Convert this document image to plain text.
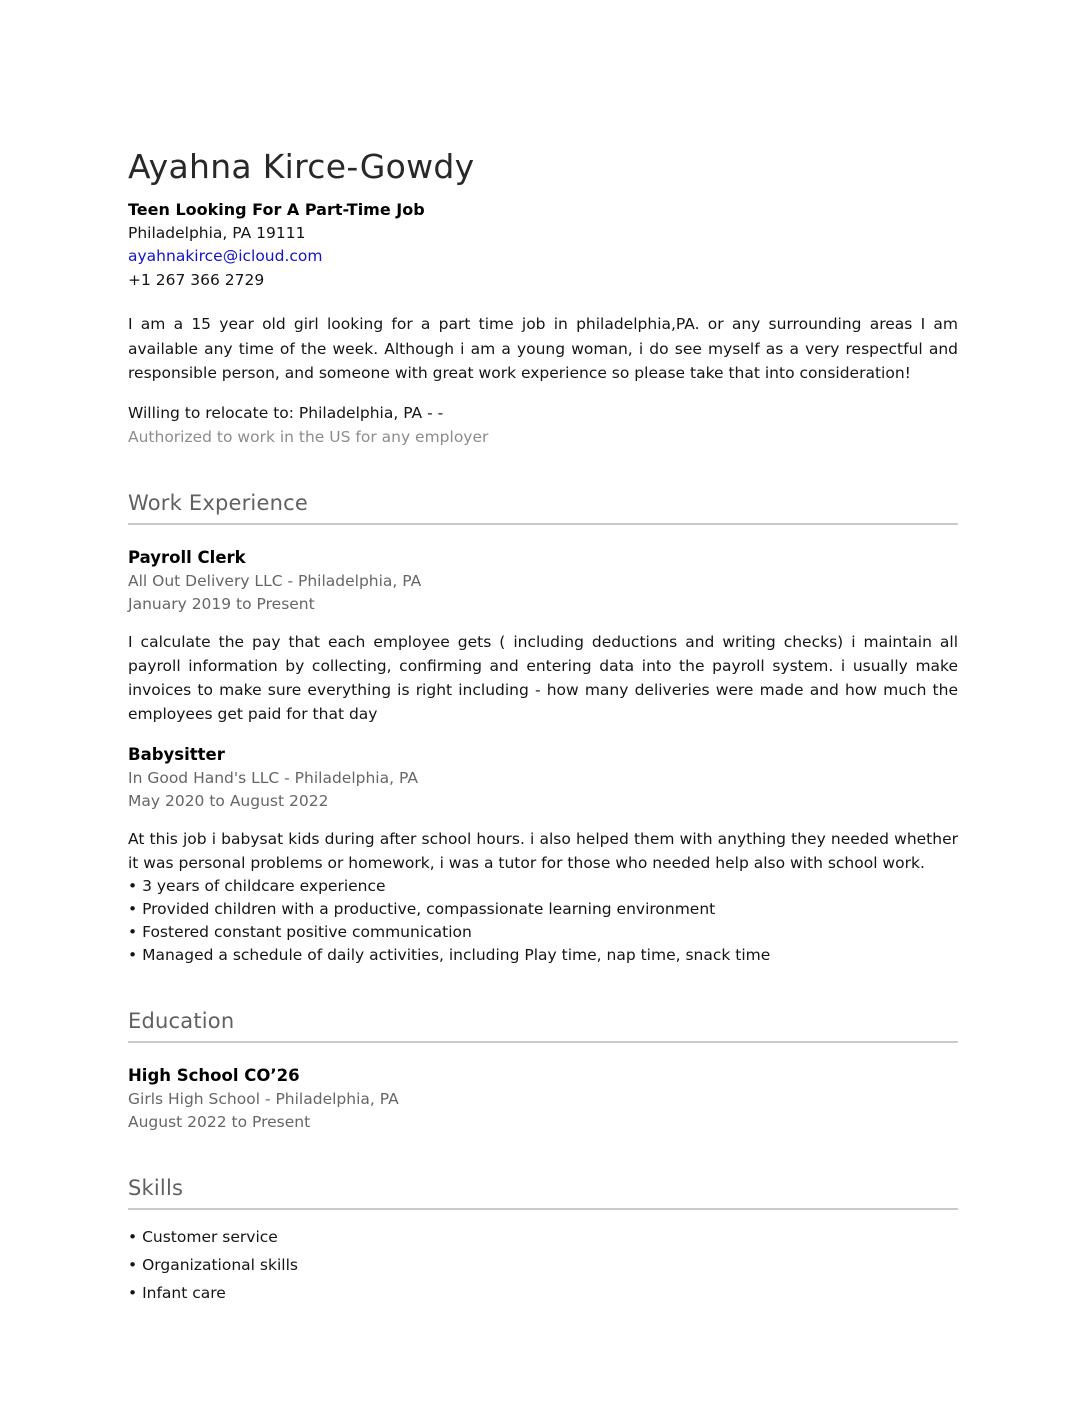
Ayahna Kirce-Gowdy
Teen Looking For A Part-Time Job
Philadelphia, PA 19111
ayahnakirce@icloud.com
+1 267 366 2729

I am a 15 year old girl looking for a part time job in philadelphia,PA. or any surrounding areas I am available any time of the week. Although i am a young woman, i do see myself as a very respectful and responsible person, and someone with great work experience so please take that into consideration!

Willing to relocate to: Philadelphia, PA - -
Authorized to work in the US for any employer
Work Experience
Payroll Clerk
All Out Delivery LLC - Philadelphia, PA
January 2019 to Present

I calculate the pay that each employee gets ( including deductions and writing checks) i maintain all payroll information by collecting, confirming and entering data into the payroll system. i usually make invoices to make sure everything is right including - how many deliveries were made and how much the employees get paid for that day

Babysitter
In Good Hand's LLC - Philadelphia, PA
May 2020 to August 2022

At this job i babysat kids during after school hours. i also helped them with anything they needed whether it was personal problems or homework, i was a tutor for those who needed help also with school work.

• 3 years of childcare experience
• Provided children with a productive, compassionate learning environment
• Fostered constant positive communication
• Managed a schedule of daily activities, including Play time, nap time, snack time
Education
High School CO’26
Girls High School - Philadelphia, PA
August 2022 to Present
Skills
• Customer service
• Organizational skills
• Infant care
